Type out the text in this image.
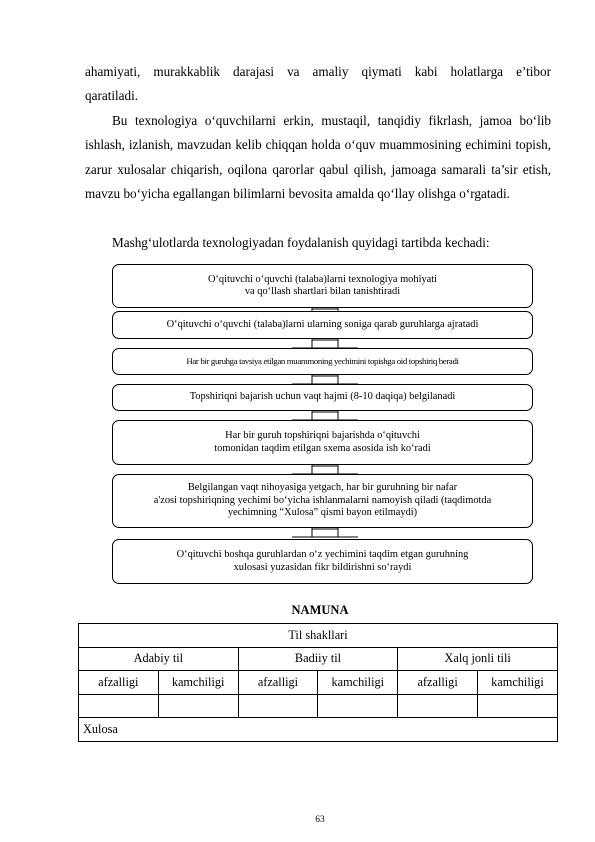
ahamiyati, murakkablik darajasi va amaliy qiymati kabi holatlarga e’tibor
qaratiladi.
Bu texnologiya o‘quvchilarni erkin, mustaqil, tanqidiy fikrlash, jamoa bo‘lib ishlash, izlanish, mavzudan kelib chiqqan holda o‘quv muammosining echimini topish, zarur xulosalar chiqarish, oqilona qarorlar qabul qilish, jamoaga samarali ta’sir etish, mavzu bo‘yicha egallangan bilimlarni bevosita amalda qo‘llay olishga o‘rgatadi.
Mashg‘ulotlarda texnologiyadan foydalanish quyidagi tartibda kechadi:
O‘qituvchi o‘quvchi (talaba)larni texnologiya mohiyati
va qo‘llash shartlari bilan tanishtiradi
O‘qituvchi o‘quvchi (talaba)larni ularning soniga qarab guruhlarga ajratadi
Har bir guruhga tavsiya etilgan muammoning yechimini topishga oid topshiriq beradi
Topshiriqni bajarish uchun vaqt hajmi (8-10 daqiqa) belgilanadi
Har bir guruh topshiriqni bajarishda o‘qituvchi
tomonidan taqdim etilgan sxema asosida ish ko‘radi
Belgilangan vaqt nihoyasiga yetgach, har bir guruhning bir nafar
a'zosi topshiriqning yechimi bo‘yicha ishlanmalarni namoyish qiladi (taqdimotda
yechimning “Xulosa” qismi bayon etilmaydi)
O‘qituvchi boshqa guruhlardan o‘z yechimini taqdim etgan guruhning
xulosasi yuzasidan fikr bildirishni so‘raydi
NAMUNA
Til shakllari					
Adabiy til		Badiiy til		Xalq jonli tili	
afzalligi	kamchiligi	afzalligi	kamchiligi	afzalligi	kamchiligi

Xulosa					
63
